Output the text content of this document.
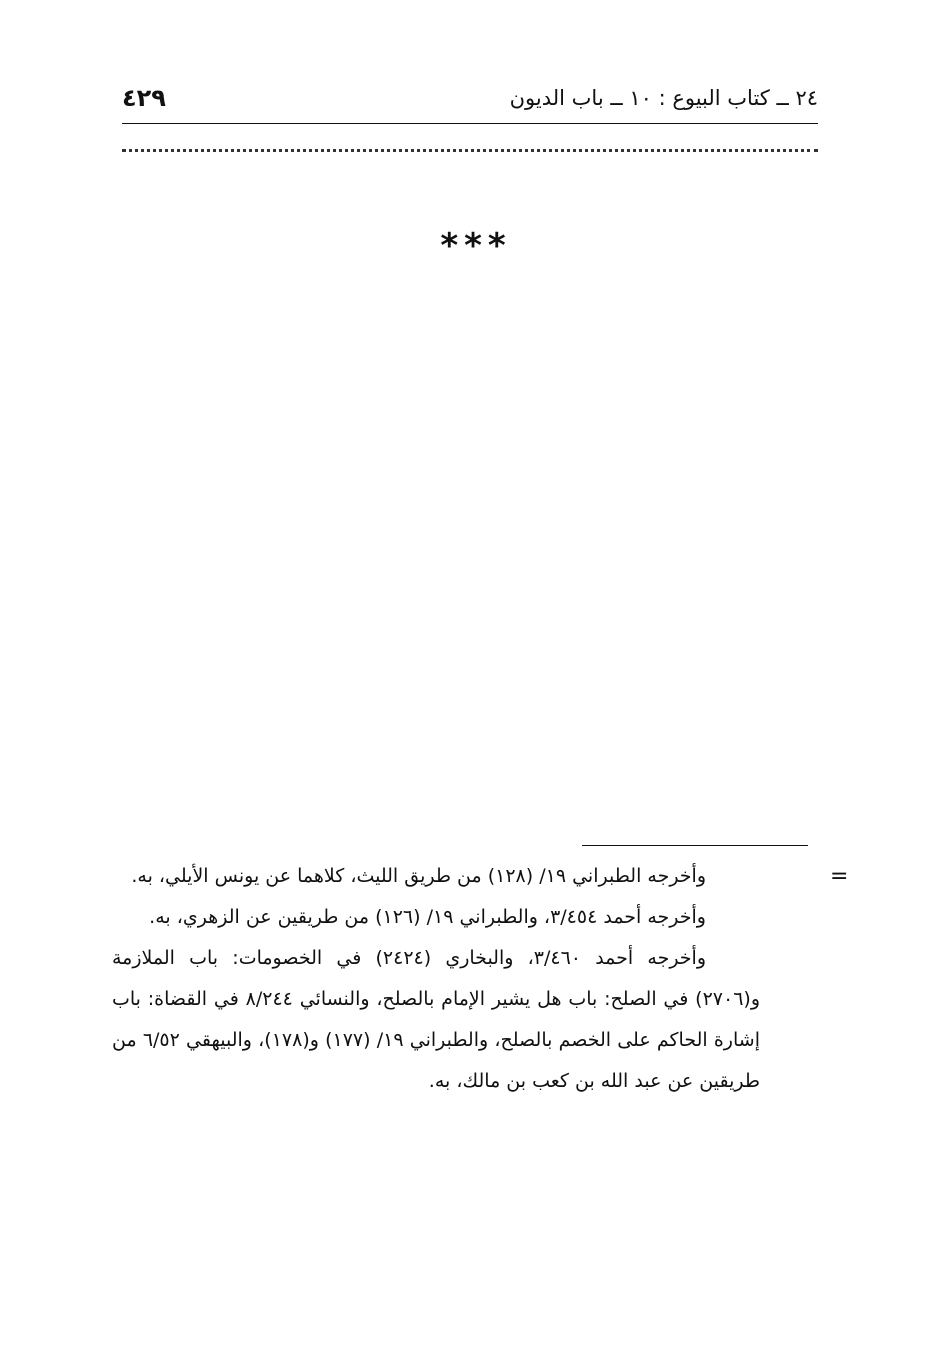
٤٢٩	٢٤ ــ كتاب البيوع : ١٠ ــ باب الديون
***
=

وأخرجه الطبراني ١٩/ (١٢٨) من طريق الليث، كلاهما عن يونس الأيلي، به.

وأخرجه أحمد ٣/٤٥٤، والطبراني ١٩/ (١٢٦) من طريقين عن الزهري، به.

وأخرجه أحمد ٣/٤٦٠، والبخاري (٢٤٢٤) في الخصومات: باب الملازمة و(٢٧٠٦) في الصلح: باب هل يشير الإمام بالصلح، والنسائي ٨/٢٤٤ في القضاة: باب إشارة الحاكم على الخصم بالصلح، والطبراني ١٩/ (١٧٧) و(١٧٨)، والبيهقي ٦/٥٢ من طريقين عن عبد الله بن كعب بن مالك، به.
